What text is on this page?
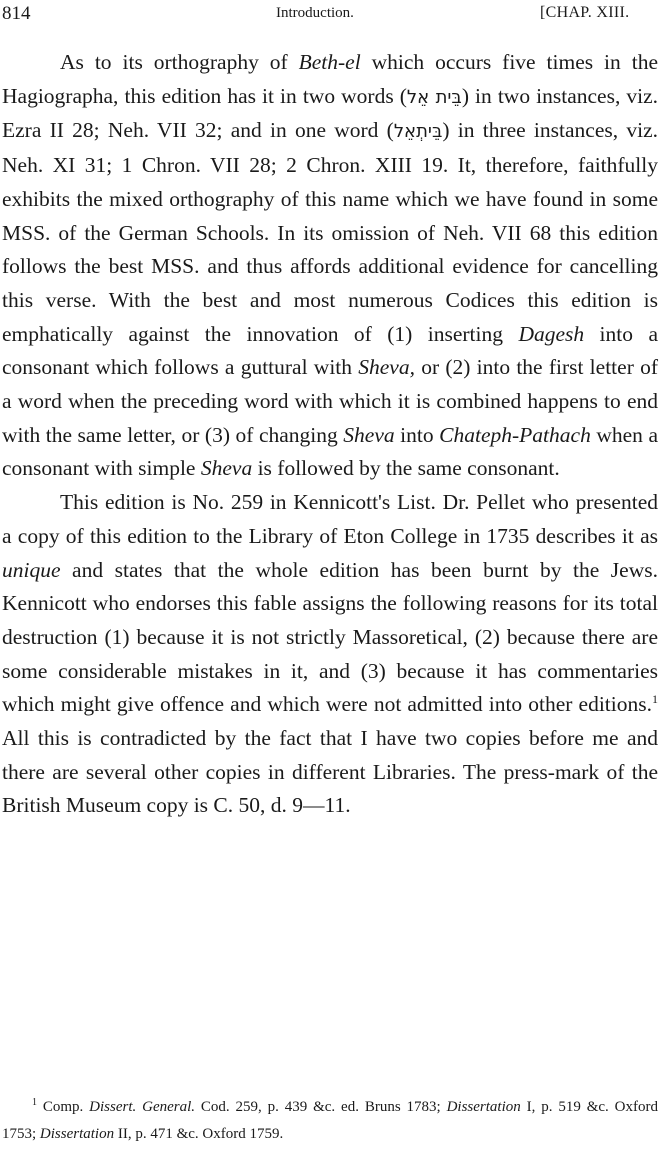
814	Introduction.	[CHAP. XIII.

As to its orthography of Beth-el which occurs five times in the Hagiographa, this edition has it in two words (בֵּית אֵל) in two instances, viz. Ezra II 28; Neh. VII 32; and in one word (בֵּיתְאֵל) in three instances, viz. Neh. XI 31; 1 Chron. VII 28; 2 Chron. XIII 19. It, therefore, faithfully exhibits the mixed orthography of this name which we have found in some MSS. of the German Schools. In its omission of Neh. VII 68 this edition follows the best MSS. and thus affords additional evidence for cancelling this verse. With the best and most numerous Codices this edition is emphatically against the innovation of (1) inserting Dagesh into a consonant which follows a guttural with Sheva, or (2) into the first letter of a word when the preceding word with which it is combined happens to end with the same letter, or (3) of changing Sheva into Chateph-Pathach when a consonant with simple Sheva is followed by the same consonant.

This edition is No. 259 in Kennicott's List. Dr. Pellet who presented a copy of this edition to the Library of Eton College in 1735 describes it as unique and states that the whole edition has been burnt by the Jews. Kennicott who endorses this fable assigns the following reasons for its total destruction (1) because it is not strictly Massoretical, (2) because there are some considerable mistakes in it, and (3) because it has commentaries which might give offence and which were not admitted into other editions.$^1$ All this is contradicted by the fact that I have two copies before me and there are several other copies in different Libraries. The press-mark of the British Museum copy is C. 50, d. 9—11.

$^1$ Comp. Dissert. General. Cod. 259, p. 439 &c. ed. Bruns 1783; Dissertation I, p. 519 &c. Oxford 1753; Dissertation II, p. 471 &c. Oxford 1759.
